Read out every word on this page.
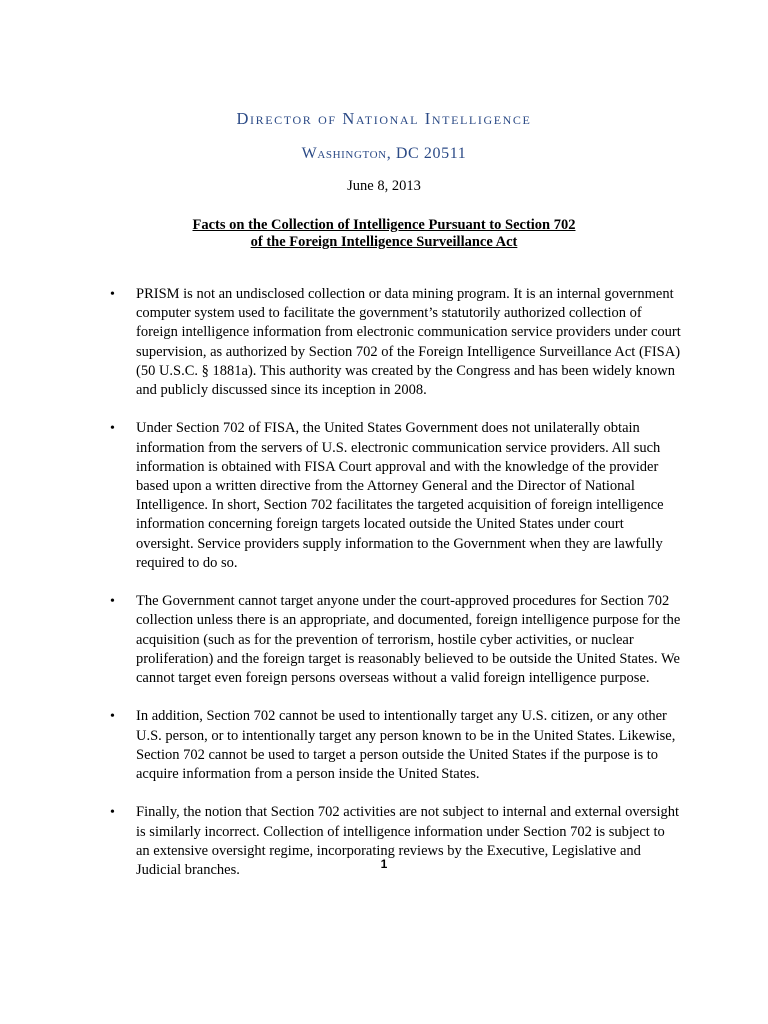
Director of National Intelligence
Washington, DC 20511
June 8, 2013
Facts on the Collection of Intelligence Pursuant to Section 702
of the Foreign Intelligence Surveillance Act
• PRISM is not an undisclosed collection or data mining program. It is an internal government computer system used to facilitate the government’s statutorily authorized collection of foreign intelligence information from electronic communication service providers under court supervision, as authorized by Section 702 of the Foreign Intelligence Surveillance Act (FISA) (50 U.S.C. § 1881a). This authority was created by the Congress and has been widely known and publicly discussed since its inception in 2008.
• Under Section 702 of FISA, the United States Government does not unilaterally obtain information from the servers of U.S. electronic communication service providers. All such information is obtained with FISA Court approval and with the knowledge of the provider based upon a written directive from the Attorney General and the Director of National Intelligence. In short, Section 702 facilitates the targeted acquisition of foreign intelligence information concerning foreign targets located outside the United States under court oversight. Service providers supply information to the Government when they are lawfully required to do so.
• The Government cannot target anyone under the court-approved procedures for Section 702 collection unless there is an appropriate, and documented, foreign intelligence purpose for the acquisition (such as for the prevention of terrorism, hostile cyber activities, or nuclear proliferation) and the foreign target is reasonably believed to be outside the United States. We cannot target even foreign persons overseas without a valid foreign intelligence purpose.
• In addition, Section 702 cannot be used to intentionally target any U.S. citizen, or any other U.S. person, or to intentionally target any person known to be in the United States. Likewise, Section 702 cannot be used to target a person outside the United States if the purpose is to acquire information from a person inside the United States.
• Finally, the notion that Section 702 activities are not subject to internal and external oversight is similarly incorrect. Collection of intelligence information under Section 702 is subject to an extensive oversight regime, incorporating reviews by the Executive, Legislative and Judicial branches.	1
